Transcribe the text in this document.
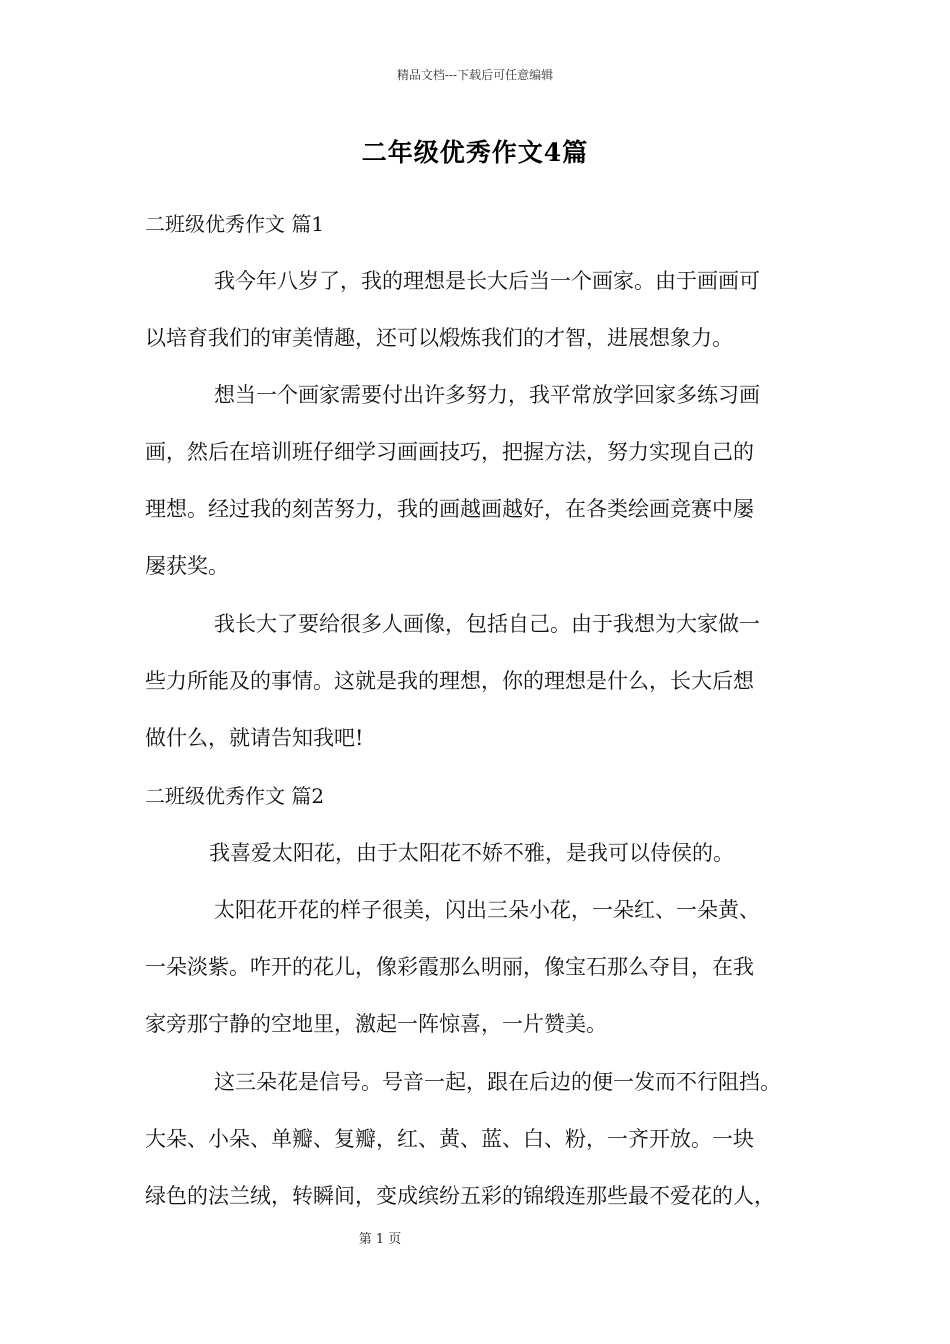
精品文档---下载后可任意编辑
二年级优秀作文4篇
二班级优秀作文 篇1
我今年八岁了，我的理想是长大后当一个画家。由于画画可
以培育我们的审美情趣，还可以煅炼我们的才智，进展想象力。
想当一个画家需要付出许多努力，我平常放学回家多练习画
画，然后在培训班仔细学习画画技巧，把握方法，努力实现自己的
理想。经过我的刻苦努力，我的画越画越好，在各类绘画竞赛中屡
屡获奖。
我长大了要给很多人画像，包括自己。由于我想为大家做一
些力所能及的事情。这就是我的理想，你的理想是什么，长大后想
做什么，就请告知我吧!
二班级优秀作文 篇2
我喜爱太阳花，由于太阳花不娇不雅，是我可以侍侯的。
太阳花开花的样子很美，闪出三朵小花，一朵红、一朵黄、
一朵淡紫。咋开的花儿，像彩霞那么明丽，像宝石那么夺目，在我
家旁那宁静的空地里，激起一阵惊喜，一片赞美。
这三朵花是信号。号音一起，跟在后边的便一发而不行阻挡。
大朵、小朵、单瓣、复瓣，红、黄、蓝、白、粉，一齐开放。一块
绿色的法兰绒，转瞬间，变成缤纷五彩的锦缎连那些最不爱花的人，
第 1 页
